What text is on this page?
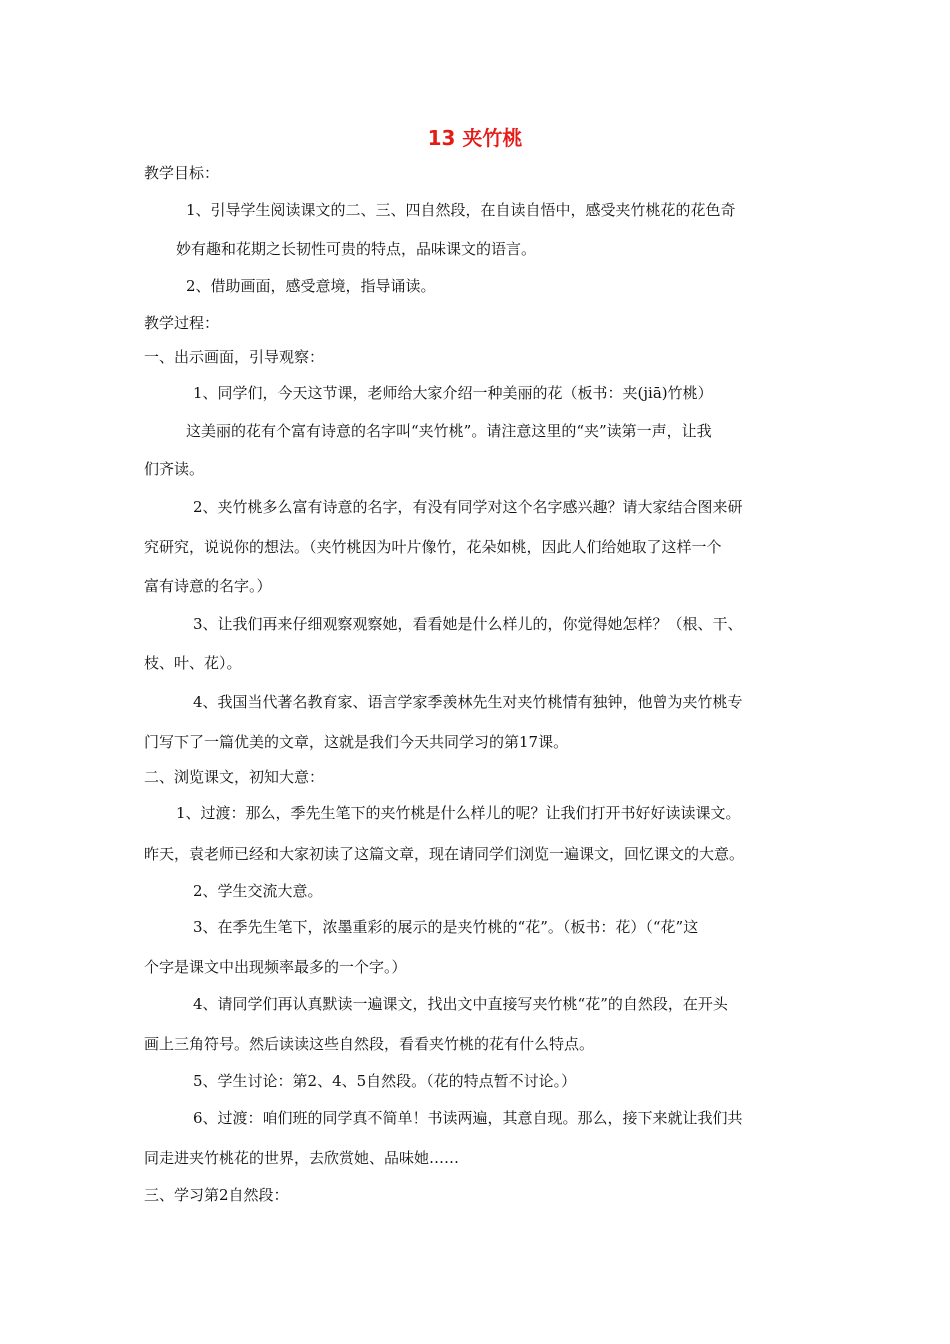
13 夹竹桃
教学目标：
1、引导学生阅读课文的二、三、四自然段，在自读自悟中，感受夹竹桃花的花色奇
妙有趣和花期之长韧性可贵的特点，品味课文的语言。
2、借助画面，感受意境，指导诵读。
教学过程：
一、出示画面，引导观察：
1、同学们，今天这节课，老师给大家介绍一种美丽的花（板书：夹(jiā)竹桃）
这美丽的花有个富有诗意的名字叫“夹竹桃”。请注意这里的“夹”读第一声，让我
们齐读。
2、夹竹桃多么富有诗意的名字，有没有同学对这个名字感兴趣？请大家结合图来研
究研究，说说你的想法。（夹竹桃因为叶片像竹，花朵如桃，因此人们给她取了这样一个
富有诗意的名字。）
3、让我们再来仔细观察观察她，看看她是什么样儿的，你觉得她怎样？（根、干、
枝、叶、花）。
4、我国当代著名教育家、语言学家季羡林先生对夹竹桃情有独钟，他曾为夹竹桃专
门写下了一篇优美的文章，这就是我们今天共同学习的第17课。
二、浏览课文，初知大意：
1、过渡：那么，季先生笔下的夹竹桃是什么样儿的呢？让我们打开书好好读读课文。
昨天，袁老师已经和大家初读了这篇文章，现在请同学们浏览一遍课文，回忆课文的大意。
2、学生交流大意。
3、在季先生笔下，浓墨重彩的展示的是夹竹桃的“花”。（板书：花）（“花”这
个字是课文中出现频率最多的一个字。）
4、请同学们再认真默读一遍课文，找出文中直接写夹竹桃“花”的自然段，在开头
画上三角符号。然后读读这些自然段，看看夹竹桃的花有什么特点。
5、学生讨论：第2、4、5自然段。（花的特点暂不讨论。）
6、过渡：咱们班的同学真不简单！书读两遍，其意自现。那么，接下来就让我们共
同走进夹竹桃花的世界，去欣赏她、品味她……
三、学习第2自然段：
